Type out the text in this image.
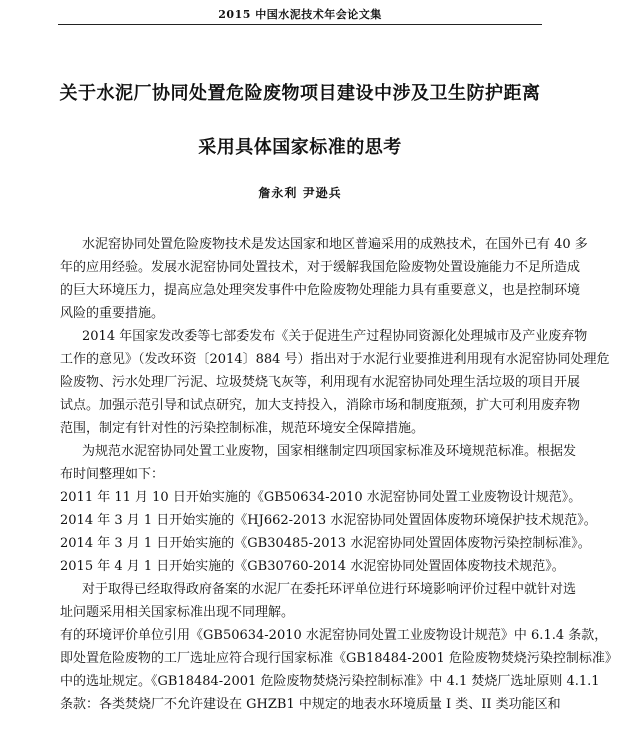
2015 中国水泥技术年会论文集
关于水泥厂协同处置危险废物项目建设中涉及卫生防护距离
采用具体国家标准的思考
詹永利 尹逊兵
水泥窑协同处置危险废物技术是发达国家和地区普遍采用的成熟技术，在国外已有 40 多
年的应用经验。发展水泥窑协同处置技术，对于缓解我国危险废物处置设施能力不足所造成
的巨大环境压力，提高应急处理突发事件中危险废物处理能力具有重要意义，也是控制环境
风险的重要措施。
2014 年国家发改委等七部委发布《关于促进生产过程协同资源化处理城市及产业废弃物
工作的意见》（发改环资〔2014〕884 号）指出对于水泥行业要推进利用现有水泥窑协同处理危
险废物、污水处理厂污泥、垃圾焚烧飞灰等，利用现有水泥窑协同处理生活垃圾的项目开展
试点。加强示范引导和试点研究，加大支持投入，消除市场和制度瓶颈，扩大可利用废弃物
范围，制定有针对性的污染控制标准，规范环境安全保障措施。
为规范水泥窑协同处置工业废物，国家相继制定四项国家标准及环境规范标准。根据发
布时间整理如下：
2011 年 11 月 10 日开始实施的《GB50634-2010 水泥窑协同处置工业废物设计规范》。
2014 年 3 月 1 日开始实施的《HJ662-2013 水泥窑协同处置固体废物环境保护技术规范》。
2014 年 3 月 1 日开始实施的《GB30485-2013 水泥窑协同处置固体废物污染控制标准》。
2015 年 4 月 1 日开始实施的《GB30760-2014 水泥窑协同处置固体废物技术规范》。
对于取得已经取得政府备案的水泥厂在委托环评单位进行环境影响评价过程中就针对选
址问题采用相关国家标准出现不同理解。
有的环境评价单位引用《GB50634-2010 水泥窑协同处置工业废物设计规范》中 6.1.4 条款，
即处置危险废物的工厂选址应符合现行国家标准《GB18484-2001 危险废物焚烧污染控制标准》
中的选址规定。《GB18484-2001 危险废物焚烧污染控制标准》中 4.1 焚烧厂选址原则 4.1.1
条款：各类焚烧厂不允许建设在 GHZB1 中规定的地表水环境质量 I 类、II 类功能区和
